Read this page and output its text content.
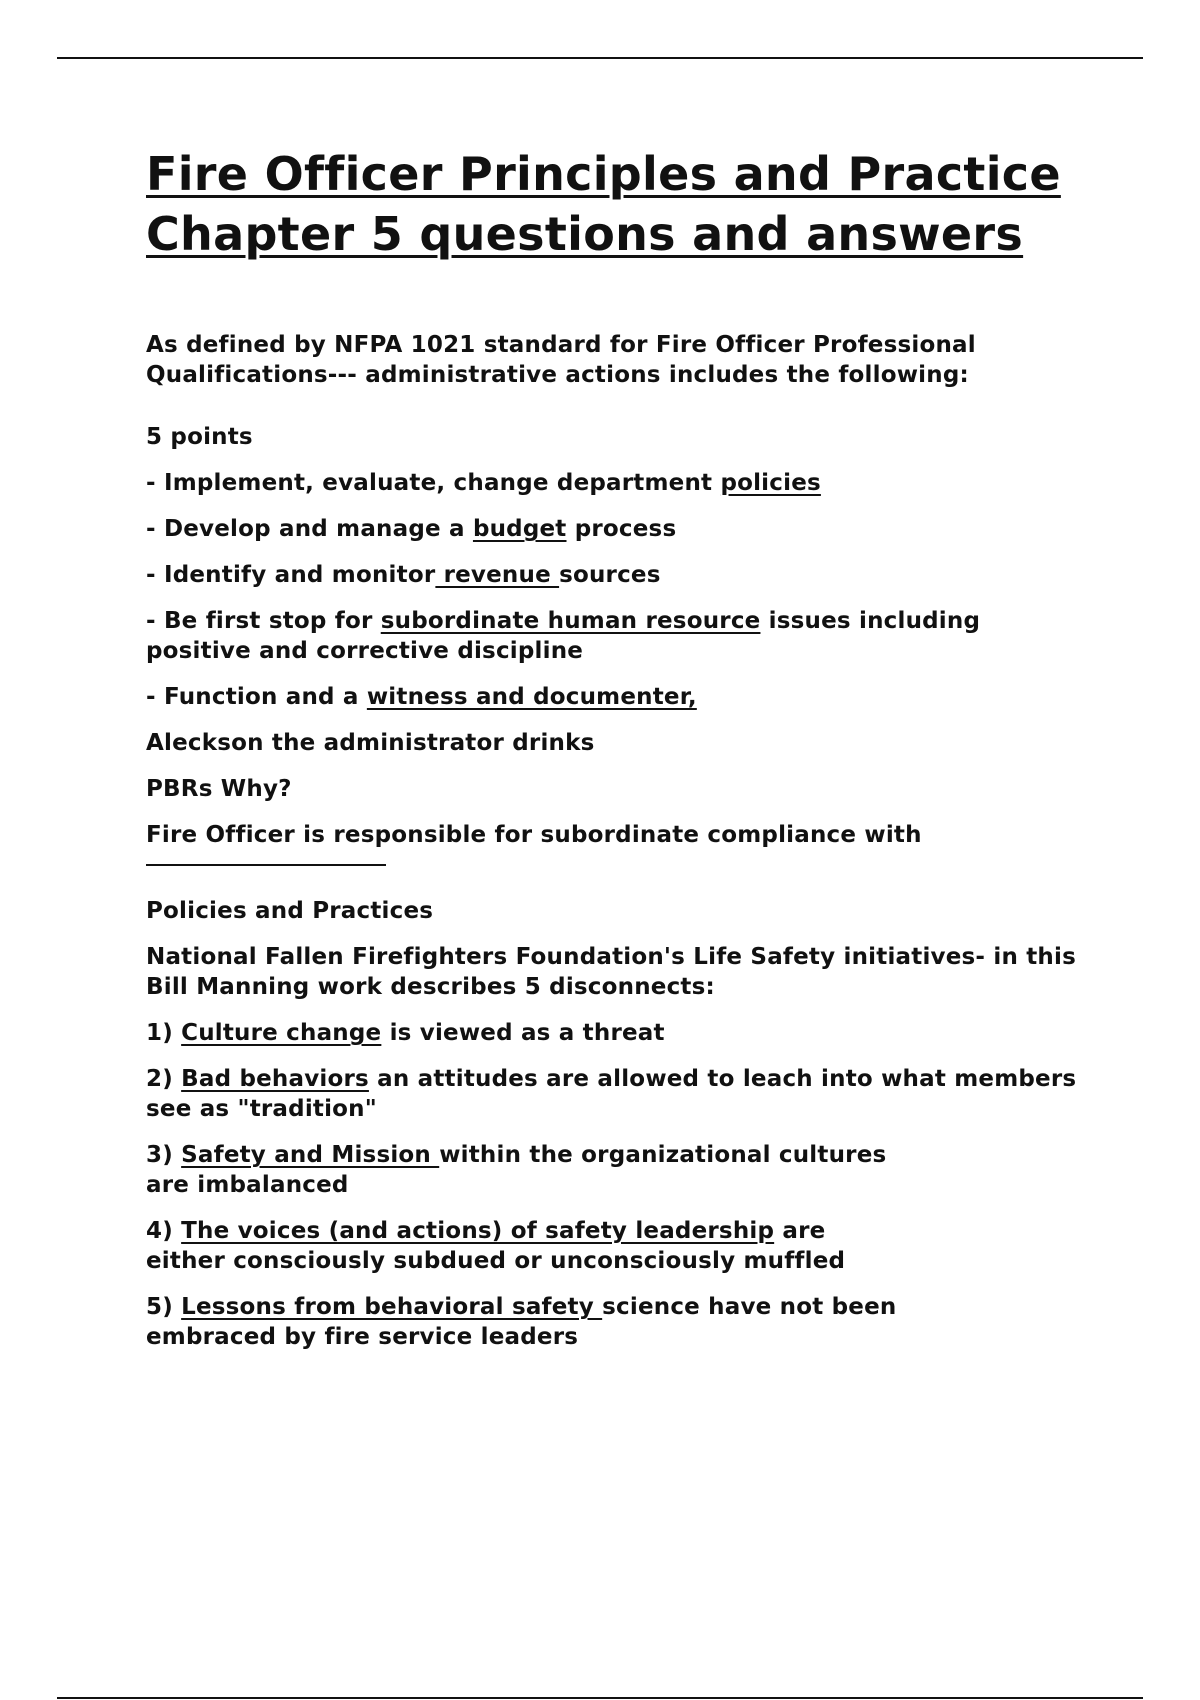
Fire Officer Principles and Practice Chapter 5 questions and answers

As defined by NFPA 1021 standard for Fire Officer Professional Qualifications--- administrative actions includes the following:

5 points

- Implement, evaluate, change department policies

- Develop and manage a budget process

- Identify and monitor revenue sources

- Be first stop for subordinate human resource issues including positive and corrective discipline

- Function and a witness and documenter,

Aleckson the administrator drinks

PBRs Why?

Fire Officer is responsible for subordinate compliance with

Policies and Practices

National Fallen Firefighters Foundation's Life Safety initiatives- in this Bill Manning work describes 5 disconnects:

1) Culture change is viewed as a threat

2) Bad behaviors an attitudes are allowed to leach into what members see as "tradition"

3) Safety and Mission within the organizational cultures
are imbalanced

4) The voices (and actions) of safety leadership are
either consciously subdued or unconsciously muffled

5) Lessons from behavioral safety science have not been
embraced by fire service leaders
